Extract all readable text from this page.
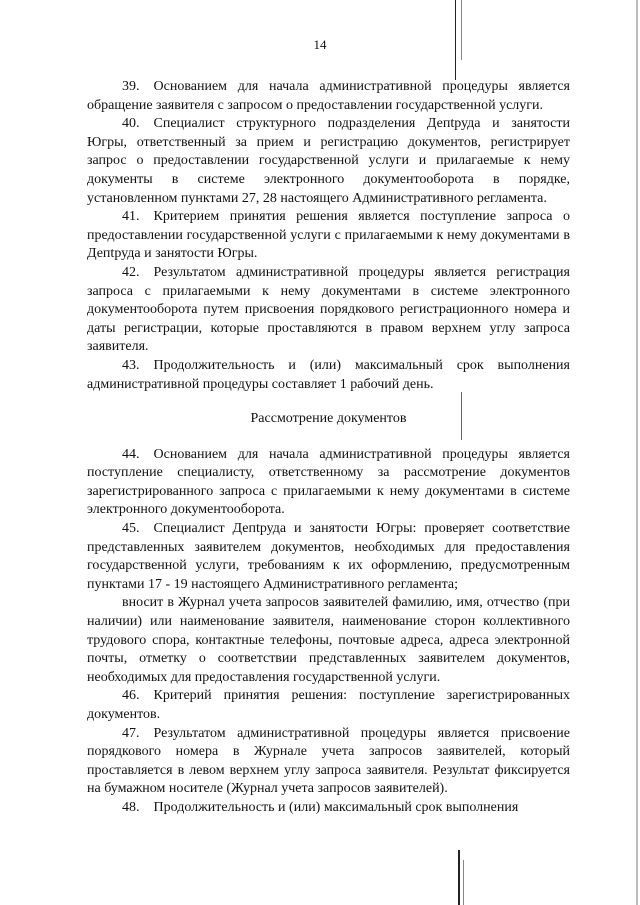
14

39. Основанием для начала административной процедуры является обращение заявителя с запросом о предоставлении государственной услуги.

40. Специалист структурного подразделения Депtруда и занятости Югры, ответственный за прием и регистрацию документов, регистрирует запрос о предоставлении государственной услуги и прилагаемые к нему документы в системе электронного документооборота в порядке, установленном пунктами 27, 28 настоящего Административного регламента.

41. Критерием принятия решения является поступление запроса о предоставлении государственной услуги с прилагаемыми к нему документами в Депtруда и занятости Югры.

42. Результатом административной процедуры является регистрация запроса с прилагаемыми к нему документами в системе электронного документооборота путем присвоения порядкового регистрационного номера и даты регистрации, которые проставляются в правом верхнем углу запроса заявителя.

43. Продолжительность и (или) максимальный срок выполнения административной процедуры составляет 1 рабочий день.

Рассмотрение документов

44. Основанием для начала административной процедуры является поступление специалисту, ответственному за рассмотрение документов зарегистрированного запроса с прилагаемыми к нему документами в системе электронного документооборота.

45. Специалист Депtруда и занятости Югры: проверяет соответствие представленных заявителем документов, необходимых для предоставления государственной услуги, требованиям к их оформлению, предусмотренным пунктами 17 - 19 настоящего Административного регламента;

вносит в Журнал учета запросов заявителей фамилию, имя, отчество (при наличии) или наименование заявителя, наименование сторон коллективного трудового спора, контактные телефоны, почтовые адреса, адреса электронной почты, отметку о соответствии представленных заявителем документов, необходимых для предоставления государственной услуги.

46. Критерий принятия решения: поступление зарегистрированных документов.

47. Результатом административной процедуры является присвоение порядкового номера в Журнале учета запросов заявителей, который проставляется в левом верхнем углу запроса заявителя. Результат фиксируется на бумажном носителе (Журнал учета запросов заявителей).

48. Продолжительность и (или) максимальный срок выполнения
